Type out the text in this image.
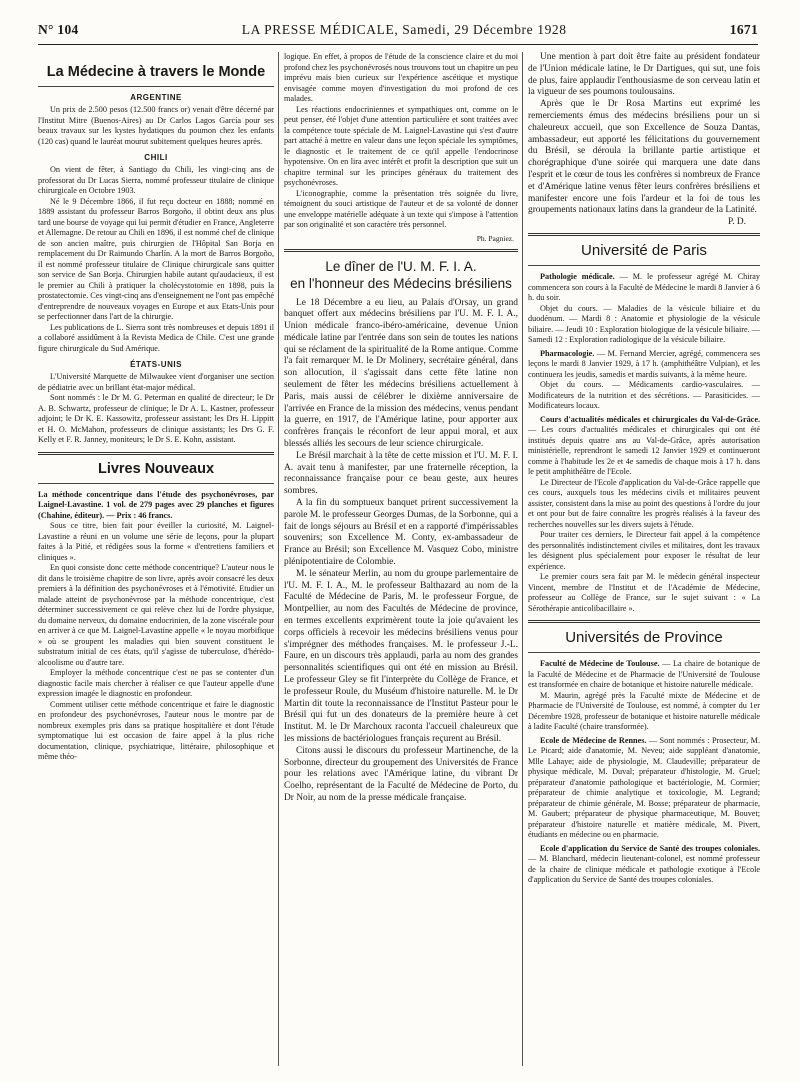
N° 104	LA PRESSE MÉDICALE, Samedi, 29 Décembre 1928	1671
La Médecine à travers le Monde
ARGENTINE

Un prix de 2.500 pesos (12.500 francs or) venait d'être décerné par l'Institut Mitre (Buenos-Aires) au Dr Carlos Lagos García pour ses beaux travaux sur les kystes hydatiques du poumon chez les enfants (120 cas) quand le lauréat mourut subitement quelques heures après.

CHILI

On vient de fêter, à Santiago du Chili, les vingt-cinq ans de professorat du Dr Lucas Sierra, nommé professeur titulaire de clinique chirurgicale en Octobre 1903.

Né le 9 Décembre 1866, il fut reçu docteur en 1888; nommé en 1889 assistant du professeur Barros Borgoño, il obtint deux ans plus tard une bourse de voyage qui lui permit d'étudier en France, Angleterre et Allemagne. De retour au Chili en 1896, il est nommé chef de clinique de son ancien maître, puis chirurgien de l'Hôpital San Borja en remplacement du Dr Raimundo Charlín. A la mort de Barros Borgoño, il est nommé professeur titulaire de Clinique chirurgicale sans quitter son service de San Borja. Chirurgien habile autant qu'audacieux, il est le premier au Chili à pratiquer la cholécystotomie en 1898, puis la prostatectomie. Ces vingt-cinq ans d'enseignement ne l'ont pas empêché d'entreprendre de nouveaux voyages en Europe et aux Etats-Unis pour se perfectionner dans l'art de la chirurgie.

Les publications de L. Sierra sont très nombreuses et depuis 1891 il a collaboré assidûment à la Revista Medica de Chile. C'est une grande figure chirurgicale du Sud Amérique.

ÉTATS-UNIS

L'Université Marquette de Milwaukee vient d'organiser une section de pédiatrie avec un brillant état-major médical.

Sont nommés : le Dr M. G. Peterman en qualité de directeur; le Dr A. B. Schwartz, professeur de clinique; le Dr A. L. Kastner, professeur adjoint; le Dr K. E. Kassowitz, professeur assistant; les Drs H. Lippitt et H. O. McMahon, professeurs de clinique assistants; les Drs G. F. Kelly et F. R. Janney, moniteurs; le Dr S. E. Kohn, assistant.

Livres Nouveaux

La méthode concentrique dans l'étude des psychonévroses, par Laignel-Lavastine. 1 vol. de 279 pages avec 29 planches et figures (Chahine, éditeur). — Prix : 46 francs.

Sous ce titre, bien fait pour éveiller la curiosité, M. Laignel-Lavastine a réuni en un volume une série de leçons, pour la plupart faites à la Pitié, et rédigées sous la forme « d'entretiens familiers et cliniques ».

En quoi consiste donc cette méthode concentrique? L'auteur nous le dit dans le troisième chapitre de son livre, après avoir consacré les deux premiers à la définition des psychonévroses et à l'émotivité. Etudier un malade atteint de psychonévrose par la méthode concentrique, c'est déterminer successivement ce qui relève chez lui de l'ordre physique, du domaine nerveux, du domaine endocrinien, de la zone viscérale pour en arriver à ce que M. Laignel-Lavastine appelle « le noyau morbifique » où se groupent les maladies qui bien souvent constituent le substratum initial de ces états, qu'il s'agisse de tuberculose, d'hérédo-alcoolisme ou d'autre tare.

Employer la méthode concentrique c'est ne pas se contenter d'un diagnostic facile mais chercher à réaliser ce que l'auteur appelle d'une expression imagée le diagnostic en profondeur.

Comment utiliser cette méthode concentrique et faire le diagnostic en profondeur des psychonévroses, l'auteur nous le montre par de nombreux exemples pris dans sa pratique hospitalière et dont l'étude symptomatique lui est occasion de faire appel à la plus riche documentation, clinique, psychiatrique, littéraire, philosophique et même théo-

logique. En effet, à propos de l'étude de la conscience claire et du moi profond chez les psychonévrosés nous trouvons tout un chapitre un peu imprévu mais bien curieux sur l'expérience ascétique et mystique envisagée comme moyen d'investigation du moi profond de ces malades.

Les réactions endocriniennes et sympathiques ont, comme on le peut penser, été l'objet d'une attention particulière et sont traitées avec la compétence toute spéciale de M. Laignel-Lavastine qui s'est d'autre part attaché à mettre en valeur dans une leçon spéciale les symptômes, le diagnostic et le traitement de ce qu'il appelle l'endocrinose hypotensive. On en lira avec intérêt et profit la description que suit un chapitre terminal sur les principes généraux du traitement des psychonévroses.

L'iconographie, comme la présentation très soignée du livre, témoignent du souci artistique de l'auteur et de sa volonté de donner une enveloppe matérielle adéquate à un texte qui s'impose à l'attention par son originalité et son caractère très personnel.

Ph. Pagniez.
Le dîner de l'U. M. F. I. A.
en l'honneur des Médecins brésiliens

Le 18 Décembre a eu lieu, au Palais d'Orsay, un grand banquet offert aux médecins brésiliens par l'U. M. F. I. A., Union médicale franco-ibéro-américaine, devenue Union médicale latine par l'entrée dans son sein de toutes les nations qui se réclament de la spiritualité de la Rome antique. Comme l'a fait remarquer M. le Dr Molinery, secrétaire général, dans son allocution, il s'agissait dans cette fête latine non seulement de fêter les médecins brésiliens actuellement à Paris, mais aussi de célébrer le dixième anniversaire de l'arrivée en France de la mission des médecins, venus pendant la guerre, en 1917, de l'Amérique latine, pour apporter aux confrères français le réconfort de leur appui moral, et aux blessés alliés les secours de leur science chirurgicale.

Le Brésil marchait à la tête de cette mission et l'U. M. F. I. A. avait tenu à manifester, par une fraternelle réception, la reconnaissance française pour ce beau geste, aux heures sombres.

A la fin du somptueux banquet prirent successivement la parole M. le professeur Georges Dumas, de la Sorbonne, qui a fait de longs séjours au Brésil et en a rapporté d'impérissables souvenirs; son Excellence M. Conty, ex-ambassadeur de France au Brésil; son Excellence M. Vasquez Cobo, ministre plénipotentiaire de Colombie.

M. le sénateur Merlin, au nom du groupe parlementaire de l'U. M. F. I. A., M. le professeur Balthazard au nom de la Faculté de Médecine de Paris, M. le professeur Forgue, de Montpellier, au nom des Facultés de Médecine de province, en termes excellents exprimèrent toute la joie qu'avaient les corps officiels à recevoir les médecins brésiliens venus pour s'imprégner des méthodes françaises. M. le professeur J.-L. Faure, en un discours très applaudi, parla au nom des grandes personnalités scientifiques qui ont été en mission au Brésil. Le professeur Gley se fit l'interprète du Collège de France, et le professeur Roule, du Muséum d'histoire naturelle. M. le Dr Martin dit toute la reconnaissance de l'Institut Pasteur pour le Brésil qui fut un des donateurs de la première heure à cet Institut. M. le Dr Marchoux raconta l'accueil chaleureux que les missions de bactériologues français reçurent au Brésil.

Citons aussi le discours du professeur Martinenche, de la Sorbonne, directeur du groupement des Universités de France pour les relations avec l'Amérique latine, du vibrant Dr Coelho, représentant de la Faculté de Médecine de Porto, du Dr Noir, au nom de la presse médicale française.

Une mention à part doit être faite au président fondateur de l'Union médicale latine, le Dr Dartigues, qui sut, une fois de plus, faire applaudir l'enthousiasme de son cerveau latin et la vigueur de ses poumons toulousains.

Après que le Dr Rosa Martins eut exprimé les remerciements émus des médecins brésiliens pour un si chaleureux accueil, que son Excellence de Souza Dantas, ambassadeur, eut apporté les félicitations du gouvernement du Brésil, se déroula la brillante partie artistique et chorégraphique d'une soirée qui marquera une date dans l'esprit et le cœur de tous les confrères si nombreux de France et d'Amérique latine venus fêter leurs confrères brésiliens et manifester encore une fois l'ardeur et la foi de tous les groupements nationaux latins dans la grandeur de la Latinité.

P. D.
Université de Paris

Pathologie médicale. — M. le professeur agrégé M. Chiray commencera son cours à la Faculté de Médecine le mardi 8 Janvier à 6 h. du soir.

Objet du cours. — Maladies de la vésicule biliaire et du duodénum. — Mardi 8 : Anatomie et physiologie de la vésicule biliaire. — Jeudi 10 : Exploration biologique de la vésicule biliaire. — Samedi 12 : Exploration radiologique de la vésicule biliaire.

Pharmacologie. — M. Fernand Mercier, agrégé, commencera ses leçons le mardi 8 Janvier 1929, à 17 h. (amphithéâtre Vulpian), et les continuera les jeudis, samedis et mardis suivants, à la même heure.

Objet du cours. — Médicaments cardio-vasculaires. — Modificateurs de la nutrition et des sécrétions. — Parasiticides. — Modificateurs locaux.

Cours d'actualités médicales et chirurgicales du Val-de-Grâce. — Les cours d'actualités médicales et chirurgicales qui ont été institués depuis quatre ans au Val-de-Grâce, après autorisation ministérielle, reprendront le samedi 12 Janvier 1929 et continueront comme à l'habitude les 2e et 4e samedis de chaque mois à 17 h. dans le petit amphithéâtre de l'Ecole.

Le Directeur de l'Ecole d'application du Val-de-Grâce rappelle que ces cours, auxquels tous les médecins civils et militaires peuvent assister, consistent dans la mise au point des questions à l'ordre du jour et ont pour but de faire connaître les progrès réalisés à la faveur des recherches nouvelles sur les divers sujets à l'étude.

Pour traiter ces derniers, le Directeur fait appel à la compétence des personnalités indistinctement civiles et militaires, dont les travaux les désignent plus spécialement pour exposer le résultat de leur expérience.

Le premier cours sera fait par M. le médecin général inspecteur Vincent, membre de l'Institut et de l'Académie de Médecine, professeur au Collège de France, sur le sujet suivant : « La Sérothérapie anticolibacillaire ».

Universités de Province

Faculté de Médecine de Toulouse. — La chaire de botanique de la Faculté de Médecine et de Pharmacie de l'Université de Toulouse est transformée en chaire de botanique et histoire naturelle médicale.

M. Maurin, agrégé près la Faculté mixte de Médecine et de Pharmacie de l'Université de Toulouse, est nommé, à compter du 1er Décembre 1928, professeur de botanique et histoire naturelle médicale à ladite Faculté (chaire transformée).

Ecole de Médecine de Rennes. — Sont nommés : Prosecteur, M. Le Picard; aide d'anatomie, M. Neveu; aide suppléant d'anatomie, Mlle Lahaye; aide de physiologie, M. Claudeville; préparateur de physique médicale, M. Duval; préparateur d'histologie, M. Gruel; préparateur d'anatomie pathologique et bactériologie, M. Cormier; préparateur de chimie analytique et toxicologie, M. Legrand; préparateur de chimie générale, M. Bosse; préparateur de pharmacie, M. Gaubert; préparateur de physique pharmaceutique, M. Bouvet; préparateur d'histoire naturelle et matière médicale, M. Pivert, étudiants en médecine ou en pharmacie.

Ecole d'application du Service de Santé des troupes coloniales. — M. Blanchard, médecin lieutenant-colonel, est nommé professeur de la chaire de clinique médicale et pathologie exotique à l'Ecole d'application du Service de Santé des troupes coloniales.
